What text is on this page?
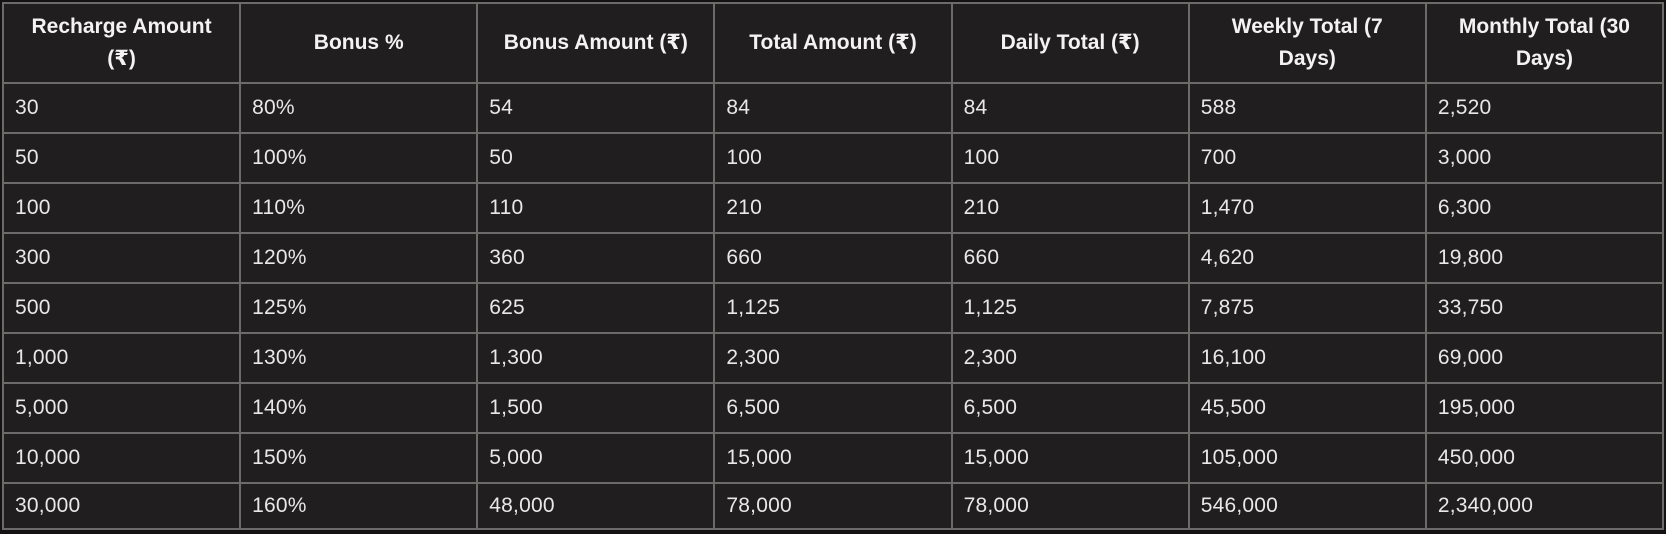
Recharge Amount (₹)	Bonus %	Bonus Amount (₹)	Total Amount (₹)	Daily Total (₹)	Weekly Total (7 Days)	Monthly Total (30 Days)
30	80%	54	84	84	588	2,520
50	100%	50	100	100	700	3,000
100	110%	110	210	210	1,470	6,300
300	120%	360	660	660	4,620	19,800
500	125%	625	1,125	1,125	7,875	33,750
1,000	130%	1,300	2,300	2,300	16,100	69,000
5,000	140%	1,500	6,500	6,500	45,500	195,000
10,000	150%	5,000	15,000	15,000	105,000	450,000
30,000	160%	48,000	78,000	78,000	546,000	2,340,000
